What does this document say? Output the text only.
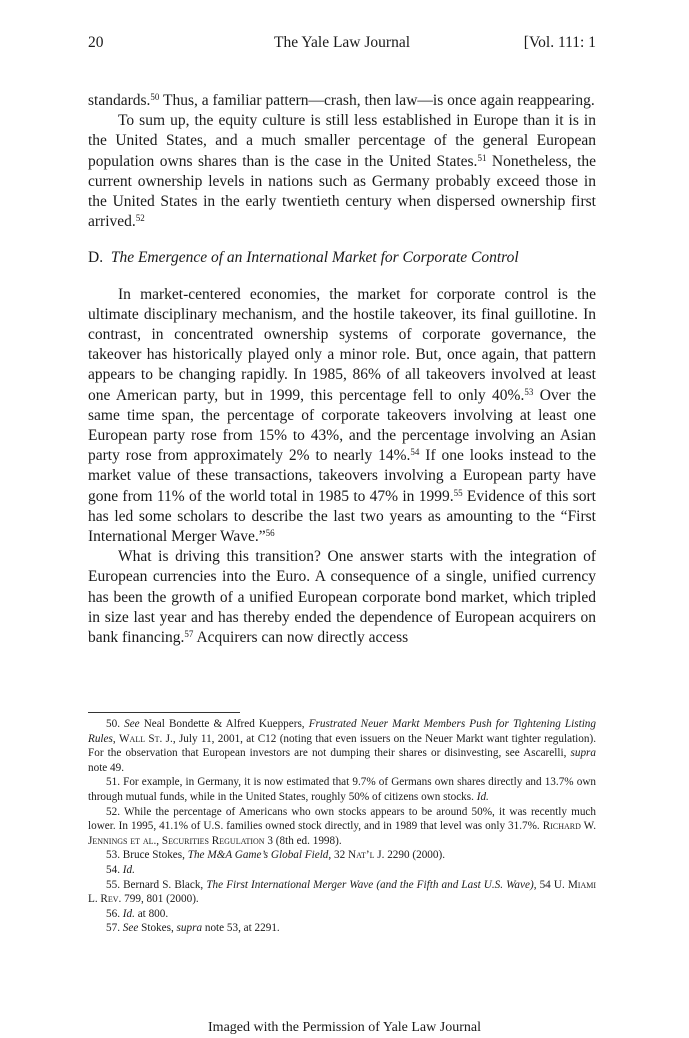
20	The Yale Law Journal	[Vol. 111: 1

standards.$^{50}$ Thus, a familiar pattern—crash, then law—is once again reappearing.

To sum up, the equity culture is still less established in Europe than it is in the United States, and a much smaller percentage of the general European population owns shares than is the case in the United States.$^{51}$ Nonetheless, the current ownership levels in nations such as Germany probably exceed those in the United States in the early twentieth century when dispersed ownership first arrived.$^{52}$

D. The Emergence of an International Market for Corporate Control

In market-centered economies, the market for corporate control is the ultimate disciplinary mechanism, and the hostile takeover, its final guillotine. In contrast, in concentrated ownership systems of corporate governance, the takeover has historically played only a minor role. But, once again, that pattern appears to be changing rapidly. In 1985, 86% of all takeovers involved at least one American party, but in 1999, this percentage fell to only 40%.$^{53}$ Over the same time span, the percentage of corporate takeovers involving at least one European party rose from 15% to 43%, and the percentage involving an Asian party rose from approximately 2% to nearly 14%.$^{54}$ If one looks instead to the market value of these transactions, takeovers involving a European party have gone from 11% of the world total in 1985 to 47% in 1999.55 Evidence of this sort has led some scholars to describe the last two years as amounting to the “First International Merger Wave.”$^{56}$

What is driving this transition? One answer starts with the integration of European currencies into the Euro. A consequence of a single, unified currency has been the growth of a unified European corporate bond market, which tripled in size last year and has thereby ended the dependence of European acquirers on bank financing.$^{57}$ Acquirers can now directly access

50. See Neal Bondette & Alfred Kueppers, Frustrated Neuer Markt Members Push for Tightening Listing Rules, Wall St. J., July 11, 2001, at C12 (noting that even issuers on the Neuer Markt want tighter regulation). For the observation that European investors are not dumping their shares or disinvesting, see Ascarelli, supra note 49.

51. For example, in Germany, it is now estimated that 9.7% of Germans own shares directly and 13.7% own through mutual funds, while in the United States, roughly 50% of citizens own stocks. Id.

52. While the percentage of Americans who own stocks appears to be around 50%, it was recently much lower. In 1995, 41.1% of U.S. families owned stock directly, and in 1989 that level was only 31.7%. Richard W. Jennings et al., Securities Regulation 3 (8th ed. 1998).

53. Bruce Stokes, The M&A Game’s Global Field, 32 Nat’l J. 2290 (2000).

54. Id.

55. Bernard S. Black, The First International Merger Wave (and the Fifth and Last U.S. Wave), 54 U. Miami L. Rev. 799, 801 (2000).

56. Id. at 800.

57. See Stokes, supra note 53, at 2291.

Imaged with the Permission of Yale Law Journal
